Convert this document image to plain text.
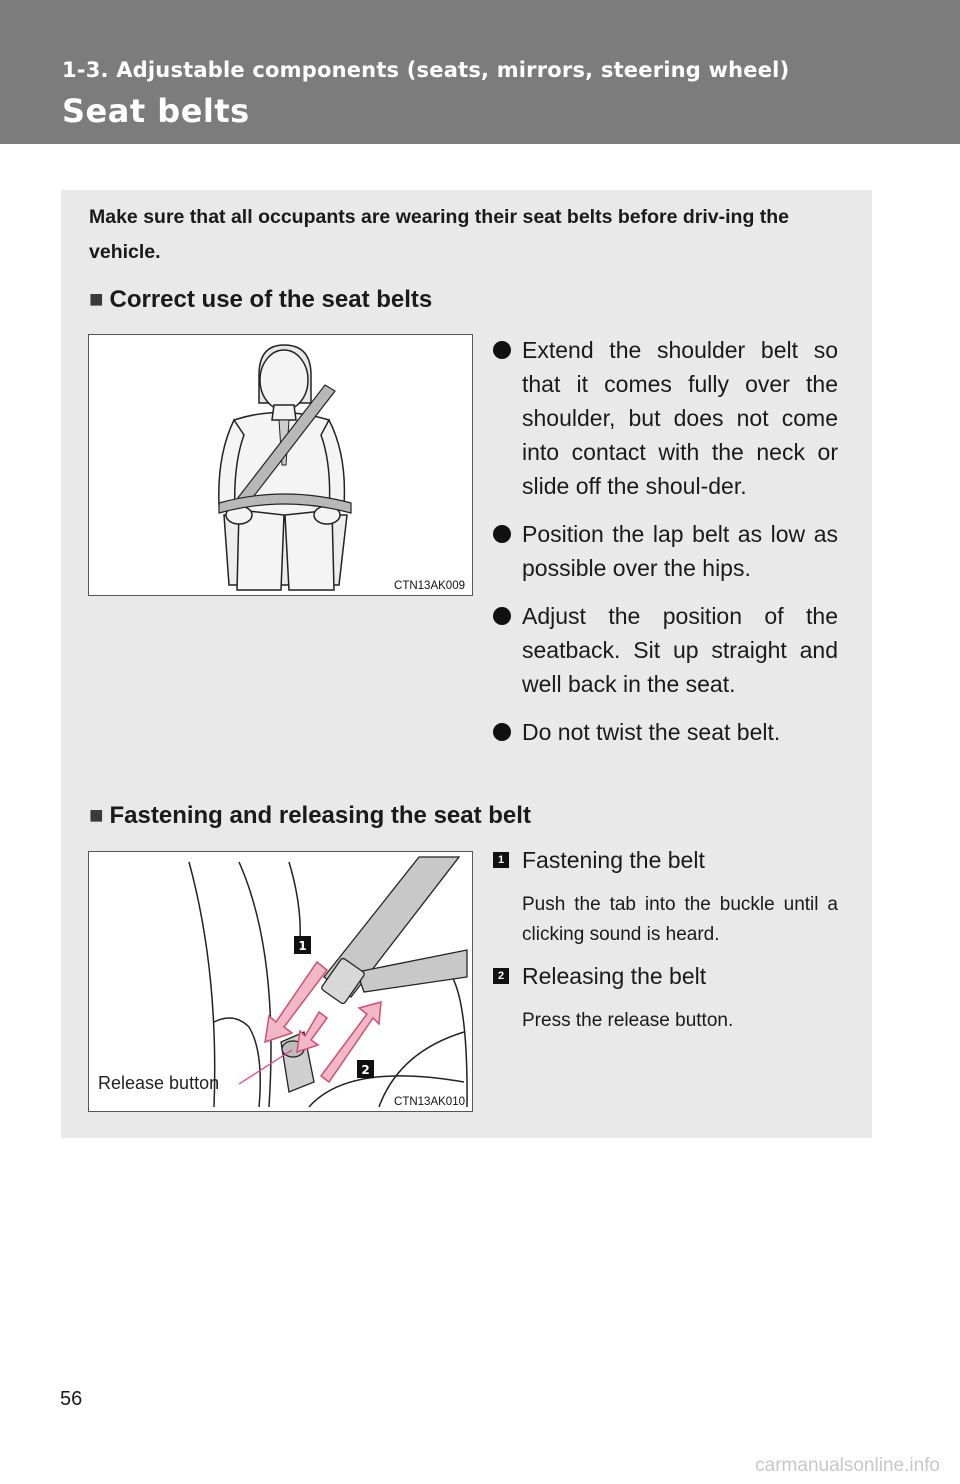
1-3. Adjustable components (seats, mirrors, steering wheel)

Seat belts

Make sure that all occupants are wearing their seat belts before driv-ing the vehicle.

■ Correct use of the seat belts
CTN13AK009
Extend the shoulder belt so that it comes fully over the shoulder, but does not come into contact with the neck or slide off the shoul-der.
Position the lap belt as low as possible over the hips.
Adjust the position of the seatback. Sit up straight and well back in the seat.
Do not twist the seat belt.
■ Fastening and releasing the seat belt
1
2
Release button
CTN13AK010
1 Fastening the belt

Push the tab into the buckle until a clicking sound is heard.

2 Releasing the belt

Press the release button.

56

carmanualsonline.info
